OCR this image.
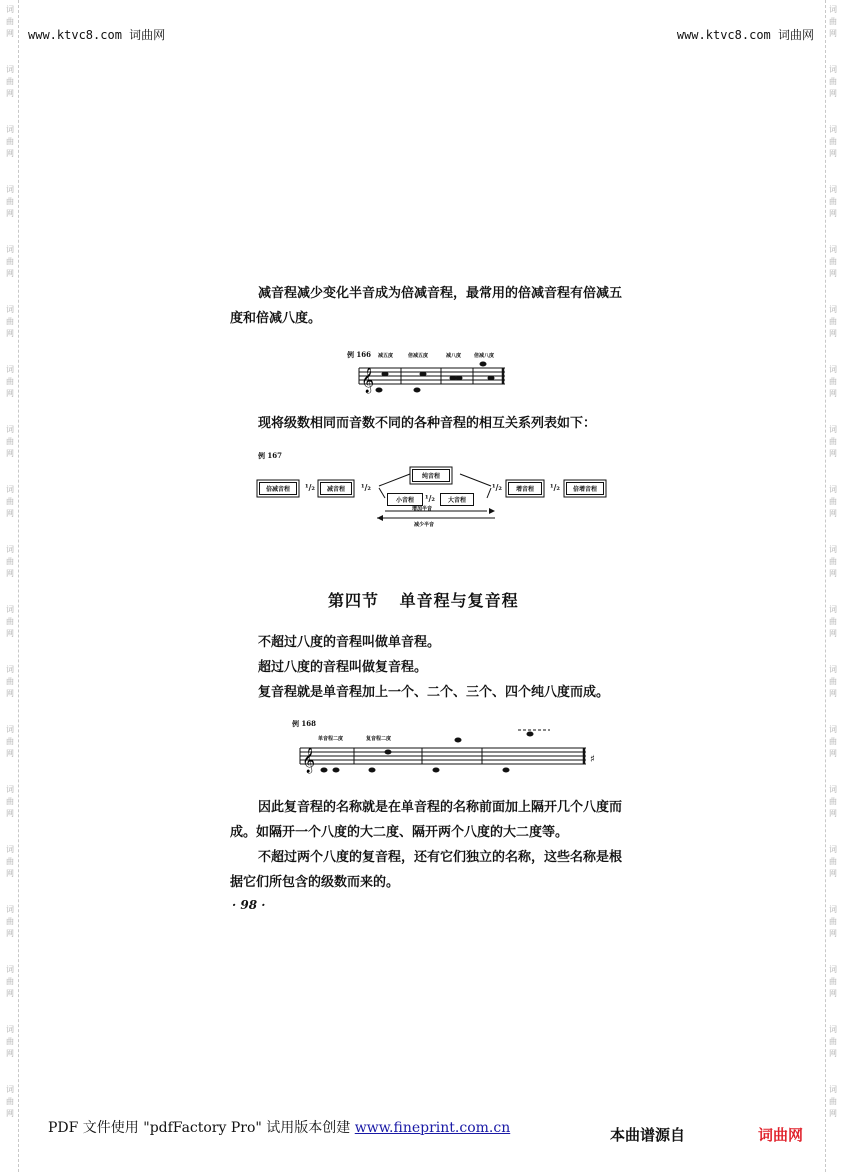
词
曲
网
词
曲
网
词
曲
网
词
曲
网
词
曲
网
词
曲
网
词
曲
网
词
曲
网
词
曲
网
词
曲
网
词
曲
网
词
曲
网
词
曲
网
词
曲
网
词
曲
网
词
曲
网
词
曲
网
词
曲
网
词
曲
网
词
曲
网
词
曲
网
词
曲
网
词
曲
网
词
曲
网
词
曲
网
词
曲
网
词
曲
网
词
曲
网
词
曲
网
词
曲
网
词
曲
网
词
曲
网
词
曲
网
词
曲
网
词
曲
网
词
曲
网
词
曲
网
词
曲
网
www.ktvc8.com 词曲网	www.ktvc8.com 词曲网
减音程减少变化半音成为倍减音程，最常用的倍减音程有倍减五度和倍减八度。
例 166 减五度	倍减五度	减八度	倍减八度
𝄞
现将级数相同而音数不同的各种音程的相互关系列表如下：
例 167
倍减音程	¹/₂	减音程	¹/₂
纯音程
小音程	¹/₂	大音程
增加半音
减少半音
¹/₂	增音程	¹/₂	倍增音程
第四节 单音程与复音程
不超过八度的音程叫做单音程。
超过八度的音程叫做复音程。
复音程就是单音程加上一个、二个、三个、四个纯八度而成。
例 168
单音程二度	复音程二度
𝄞	♯
因此复音程的名称就是在单音程的名称前面加上隔开几个八度而成。如隔开一个八度的大二度、隔开两个八度的大二度等。
不超过两个八度的复音程，还有它们独立的名称，这些名称是根据它们所包含的级数而来的。
· 98 ·
PDF 文件使用 "pdfFactory Pro" 试用版本创建 www.fineprint.com.cn	本曲谱源自	词曲网
